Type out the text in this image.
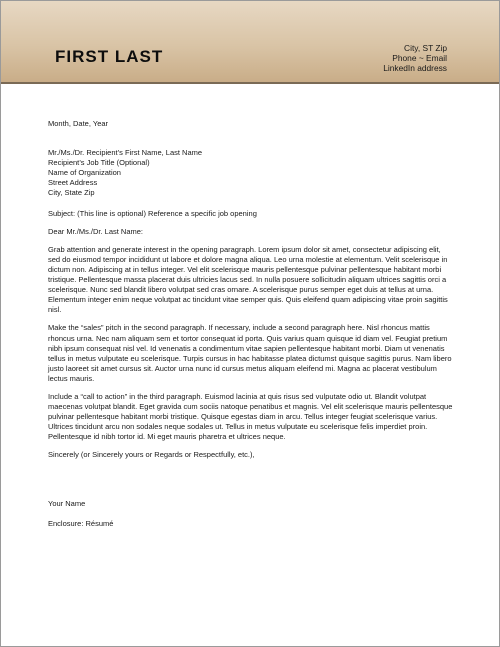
FIRST LAST	City, ST Zip
Phone ~ Email
LinkedIn address

Month, Date, Year

Mr./Ms./Dr. Recipient’s First Name, Last Name
Recipient’s Job Title (Optional)
Name of Organization
Street Address
City, State Zip

Subject: (This line is optional) Reference a specific job opening

Dear Mr./Ms./Dr. Last Name:

Grab attention and generate interest in the opening paragraph. Lorem ipsum dolor sit amet, consectetur adipiscing elit, sed do eiusmod tempor incididunt ut labore et dolore magna aliqua. Leo urna molestie at elementum. Velit scelerisque in dictum non. Adipiscing at in tellus integer. Vel elit scelerisque mauris pellentesque pulvinar pellentesque habitant morbi tristique. Pellentesque massa placerat duis ultricies lacus sed. In nulla posuere sollicitudin aliquam ultrices sagittis orci a scelerisque. Nunc sed blandit libero volutpat sed cras ornare. A scelerisque purus semper eget duis at tellus at urna. Elementum integer enim neque volutpat ac tincidunt vitae semper quis. Quis eleifend quam adipiscing vitae proin sagittis nisl.

Make the “sales” pitch in the second paragraph. If necessary, include a second paragraph here. Nisl rhoncus mattis rhoncus urna. Nec nam aliquam sem et tortor consequat id porta. Quis varius quam quisque id diam vel. Feugiat pretium nibh ipsum consequat nisl vel. Id venenatis a condimentum vitae sapien pellentesque habitant morbi. Diam ut venenatis tellus in metus vulputate eu scelerisque. Turpis cursus in hac habitasse platea dictumst quisque sagittis purus. Nam libero justo laoreet sit amet cursus sit. Auctor urna nunc id cursus metus aliquam eleifend mi. Magna ac placerat vestibulum lectus mauris.

Include a “call to action” in the third paragraph. Euismod lacinia at quis risus sed vulputate odio ut. Blandit volutpat maecenas volutpat blandit. Eget gravida cum sociis natoque penatibus et magnis. Vel elit scelerisque mauris pellentesque pulvinar pellentesque habitant morbi tristique. Quisque egestas diam in arcu. Tellus integer feugiat scelerisque varius. Ultrices tincidunt arcu non sodales neque sodales ut. Tellus in metus vulputate eu scelerisque felis imperdiet proin. Pellentesque id nibh tortor id. Mi eget mauris pharetra et ultrices neque.

Sincerely (or Sincerely yours or Regards or Respectfully, etc.),

Your Name

Enclosure: Résumé
